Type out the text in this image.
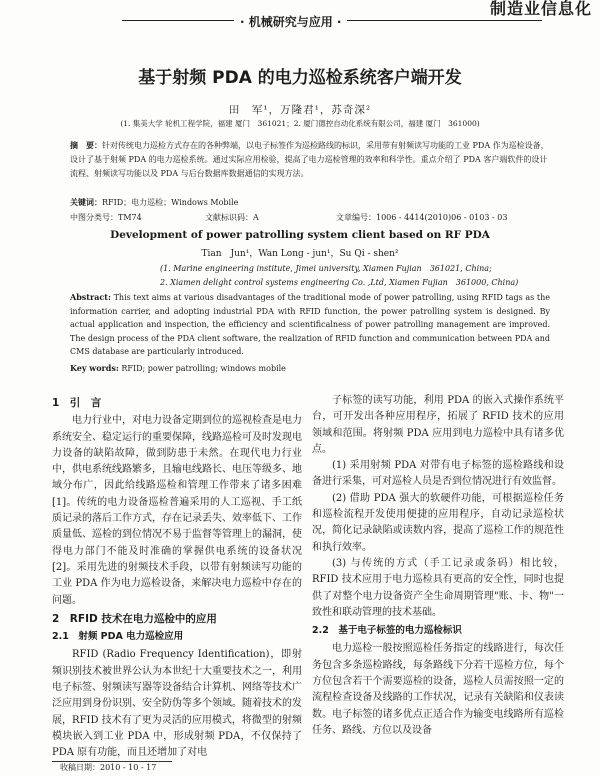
制造业信息化
· 机械研究与应用 ·
基于射频 PDA 的电力巡检系统客户端开发
田　军¹，万隆君¹，苏奇深²
(1. 集美大学 轮机工程学院，福建 厦门　361021；2. 厦门德控自动化系统有限公司，福建 厦门　361000)
摘　要：针对传统电力巡检方式存在的各种弊端，以电子标签作为巡检路线的标识，采用带有射频读写功能的工业 PDA 作为巡检设备，设计了基于射频 PDA 的电力巡检系统。通过实际应用检验，提高了电力巡检管理的效率和科学性。重点介绍了 PDA 客户端软件的设计流程、射频读写功能以及 PDA 与后台数据库数据通信的实现方法。
关键词：RFID；电力巡检；Windows Mobile
中图分类号：TM74	文献标识码：A	文章编号：1006 - 4414(2010)06 - 0103 - 03
Development of power patrolling system client based on RF PDA
Tian　Jun¹，Wan Long - jun¹，Su Qi - shen²
(1. Marine engineering institute, Jimei university, Xiamen Fujian　361021, China;
2. Xiamen delight control systems engineering Co. ,Ltd, Xiamen Fujian　361000, China)
Abstract: This text aims at various disadvantages of the traditional mode of power patrolling, using RFID tags as the information carrier, and adopting industrial PDA with RFID function, the power patrolling system is designed. By actual application and inspection, the efficiency and scientificalness of power patrolling management are improved. The design process of the PDA client software, the realization of RFID function and communication between PDA and CMS database are particularly introduced.
Key words: RFID; power patrolling; windows mobile
1　引　言

电力行业中，对电力设备定期到位的巡视检查是电力系统安全、稳定运行的重要保障，线路巡检可及时发现电力设备的缺陷故障，做到防患于未然。在现代电力行业中，供电系统线路繁多，且输电线路长、电压等级多、地域分布广，因此给线路巡检和管理工作带来了诸多困难[1]。传统的电力设备巡检普遍采用的人工巡视、手工纸质记录的落后工作方式，存在记录丢失、效率低下、工作质量低、巡检的到位情况不易于监督等管理上的漏洞，使得电力部门不能及时准确的掌握供电系统的设备状况[2]。采用先进的射频技术手段，以带有射频读写功能的工业 PDA 作为电力巡检设备，来解决电力巡检中存在的问题。

2　RFID 技术在电力巡检中的应用
2.1　射频 PDA 电力巡检应用

RFID (Radio Frequency Identification)，即射频识别技术被世界公认为本世纪十大重要技术之一，利用电子标签、射频读写器等设备结合计算机、网络等技术广泛应用到身份识别、安全防伪等多个领域。随着技术的发展，RFID 技术有了更为灵活的应用模式，将微型的射频模块嵌入到工业 PDA 中，形成射频 PDA，不仅保持了 PDA 原有功能，而且还增加了对电

子标签的读写功能，利用 PDA 的嵌入式操作系统平台，可开发出各种应用程序，拓展了 RFID 技术的应用领域和范围。将射频 PDA 应用到电力巡检中具有诸多优点。

(1) 采用射频 PDA 对带有电子标签的巡检路线和设备进行采集，可对巡检人员是否到位情况进行有效监督。

(2) 借助 PDA 强大的软硬件功能，可根据巡检任务和巡检流程开发使用便捷的应用程序，自动记录巡检状况，简化记录缺陷或读数内容，提高了巡检工作的规范性和执行效率。

(3) 与传统的方式（手工记录或条码）相比较，RFID 技术应用于电力巡检具有更高的安全性，同时也提供了对整个电力设备资产全生命周期管理"账、卡、物"一致性和联动管理的技术基础。

2.2　基于电子标签的电力巡检标识

电力巡检一般按照巡检任务指定的线路进行，每次任务包含多条巡检路线，每条路线下分若干巡检方位，每个方位包含若干个需要巡检的设备，巡检人员需按照一定的流程检查设备及线路的工作状况，记录有关缺陷和仪表读数。电子标签的诸多优点正适合作为输变电线路所有巡检任务、路线、方位以及设备

收稿日期：2010 - 10 - 17
